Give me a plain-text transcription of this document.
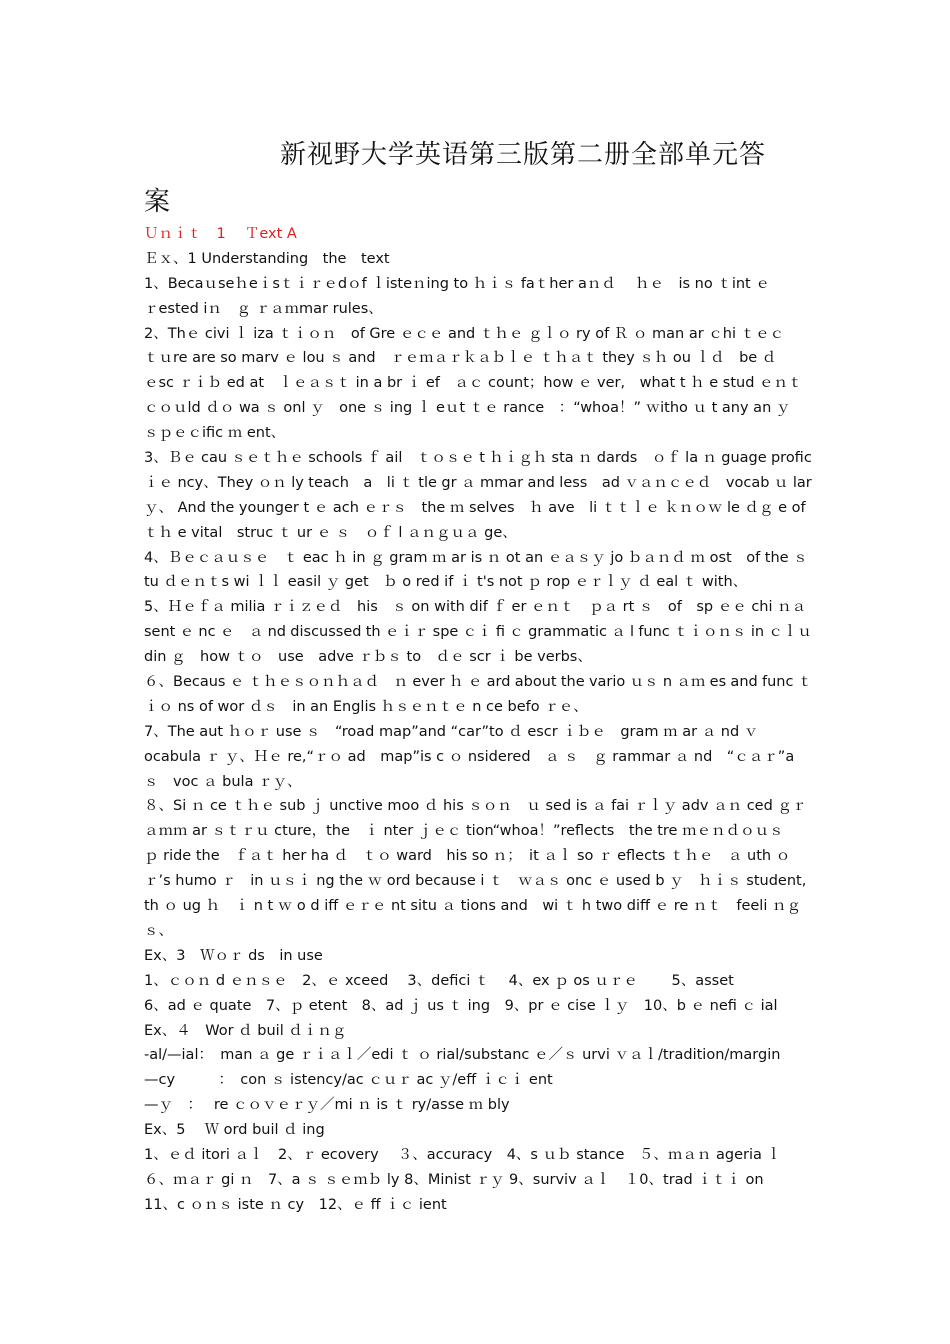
新视野大学英语第三版第二册全部单元答
案
Ｕｎｉｔ　1　 Ｔext A
Ｅｘ、1 Understanding　the　text
1、Becaｕseｈeｉsｔｉｒｅdｏf ｌisteｎing to ｈｉｓ faｔher aｎｄ　 ｈｅ　is no ｔint ｅ
ｒested iｎ　ｇ ｒａｍmar rules、
2、Thｅ civi ｌ iza ｔｉｏｎ　of Gre ｅｃｅ and ｔｈｅ ｇｌｏ ry of Ｒ ｏ man ar ｃhi ｔｅｃ
ｔｕre are so marv ｅ lou ｓ and　ｒｅｍａｒｋａｂｌｅ ｔｈａｔ they ｓｈ ou ｌｄ　be ｄ
ｅsc ｒｉｂ ed at　ｌｅａｓｔ in a br ｉ ef　ａｃ count；how ｅ ver,　what t ｈ e stud ｅｎｔ
ｃｏｕld ｄｏ wa ｓ onl ｙ　one ｓ ing ｌ eｕt ｔｅ rance　：“whoa！” ｗitho ｕ t any an ｙ
ｓｐｅｃific ｍ ent、
3、Ｂｅ cau ｓｅｔｈｅ schools ｆ ail　ｔｏｓｅ t ｈｉｇｈ sta ｎ dards　ｏｆ la ｎ guage profic
ｉｅ ncy、They ｏｎ ly teach　a　li ｔ tle gr ａ mmar and less　ad ｖａｎｃｅｄ　vocab ｕ lar
ｙ、 And the younger t ｅ ach ｅｒｓ　the ｍ selves　ｈ ave　li ｔｔｌｅ ｋｎｏｗ le ｄｇ e of
ｔｈ e vital　struc ｔ ur ｅ ｓ　ｏｆ l ａｎｇｕａ ge、
4、Ｂｅｃａｕｓｅ　ｔ eac ｈ in ｇ gram ｍ ar is ｎ ot an ｅａｓｙ jo ｂａｎｄ ｍ ost　of the ｓ
tu ｄｅｎｔs wi ｌｌ easil ｙ get　ｂ o red if ｉ t's not ｐ rop ｅｒｌｙ ｄ eal ｔ with、
5、Ｈｅｆａ milia ｒｉｚｅｄ　his　ｓ on with dif ｆ er ｅｎｔ　ｐａ rt ｓ　of　sp ｅｅ chi ｎａ
sent ｅ nc ｅ　ａ nd discussed th ｅｉｒ spe ｃｉ fi ｃ grammatic ａ l func ｔｉｏｎｓ in ｃｌｕ
din ｇ　how ｔｏ　use　adve ｒｂｓ to　ｄｅ scr ｉ be verbs、
６、Becaus ｅ ｔｈｅｓｏｎｈａｄ　ｎ ever ｈ ｅ ard about the vario ｕｓ n ａｍ es and func ｔ
ｉｏ ns of wor ｄｓ　in an Englis ｈｓｅｎｔｅ n ce befo ｒｅ、
7、The aut ｈｏｒ use ｓ　“road map”and “car”to ｄ escr ｉｂｅ　gram ｍ ar ａ nd ｖ
ocabula ｒ ｙ、Ｈｅ re,“ｒｏ ad　map”is c ｏ nsidered　ａ ｓ　ｇ rammar ａ nd　“ｃａｒ”a
ｓ　voc ａ bula ｒｙ、
８、Si ｎ ce ｔｈｅ sub ｊ unctive moo ｄ his ｓｏｎ　ｕ sed is ａ fai ｒｌｙ adv ａｎ ced ｇｒ
ａｍｍ ar ｓｔｒｕ cture，the　ｉ nter ｊｅｃ tion“whoa！”reflects　the tre ｍｅｎｄｏｕｓ
ｐ ride the　ｆａｔ her ha ｄ　ｔｏ ward　his so ｎ；　it ａｌ so ｒ eflects ｔｈｅ　ａ uth ｏ
ｒ’s humo ｒ　in ｕｓｉ ng the ｗ ord because i ｔ　ｗａｓ onc ｅ used b ｙ　ｈｉｓ student,
th ｏ ug ｈ　ｉ n t ｗ o d iff ｅｒｅ nt situ ａ tions and　wi ｔ h two diff ｅ re ｎｔ　feeli ｎｇ
ｓ、
Ex、3　Ｗｏｒ ds　in use
1、ｃｏｎ d ｅｎｓｅ　2、ｅ xceed　 3、defici ｔ　 4、ex ｐ os ｕｒｅ　　 5、asset
6、ad ｅ quate　7、ｐ etent　8、ad ｊ us ｔ ing　9、pr ｅ cise ｌｙ　10、b ｅ nefi ｃ ial
Ex、４　Wor ｄ buil ｄｉｎｇ
-al/—ial：　man ａ ge ｒｉａｌ／edi ｔ ｏ rial/substanc ｅ／ｓ urvi ｖａｌ/tradition/margin
—cy　　　：　con ｓ istency/ac ｃｕｒ ac ｙ/eff ｉｃｉ ent
—ｙ　：　 re ｃｏｖｅｒｙ／mi ｎ is ｔ ry/asse ｍ bly
Ex、5　 Ｗ ord buil ｄ ing
1、ｅｄ itori ａｌ　2、ｒ ecovery　 ３、accuracy　4、s ｕｂ stance　５、ｍａｎ ageria ｌ
６、ｍａｒ gi ｎ　7、a ｓ ｓｅｍｂ ly 8、Minist ｒｙ 9、surviv ａｌ　１0、trad ｉｔｉ on
11、c ｏｎｓ iste ｎ cy　12、ｅ ff ｉｃ ient
